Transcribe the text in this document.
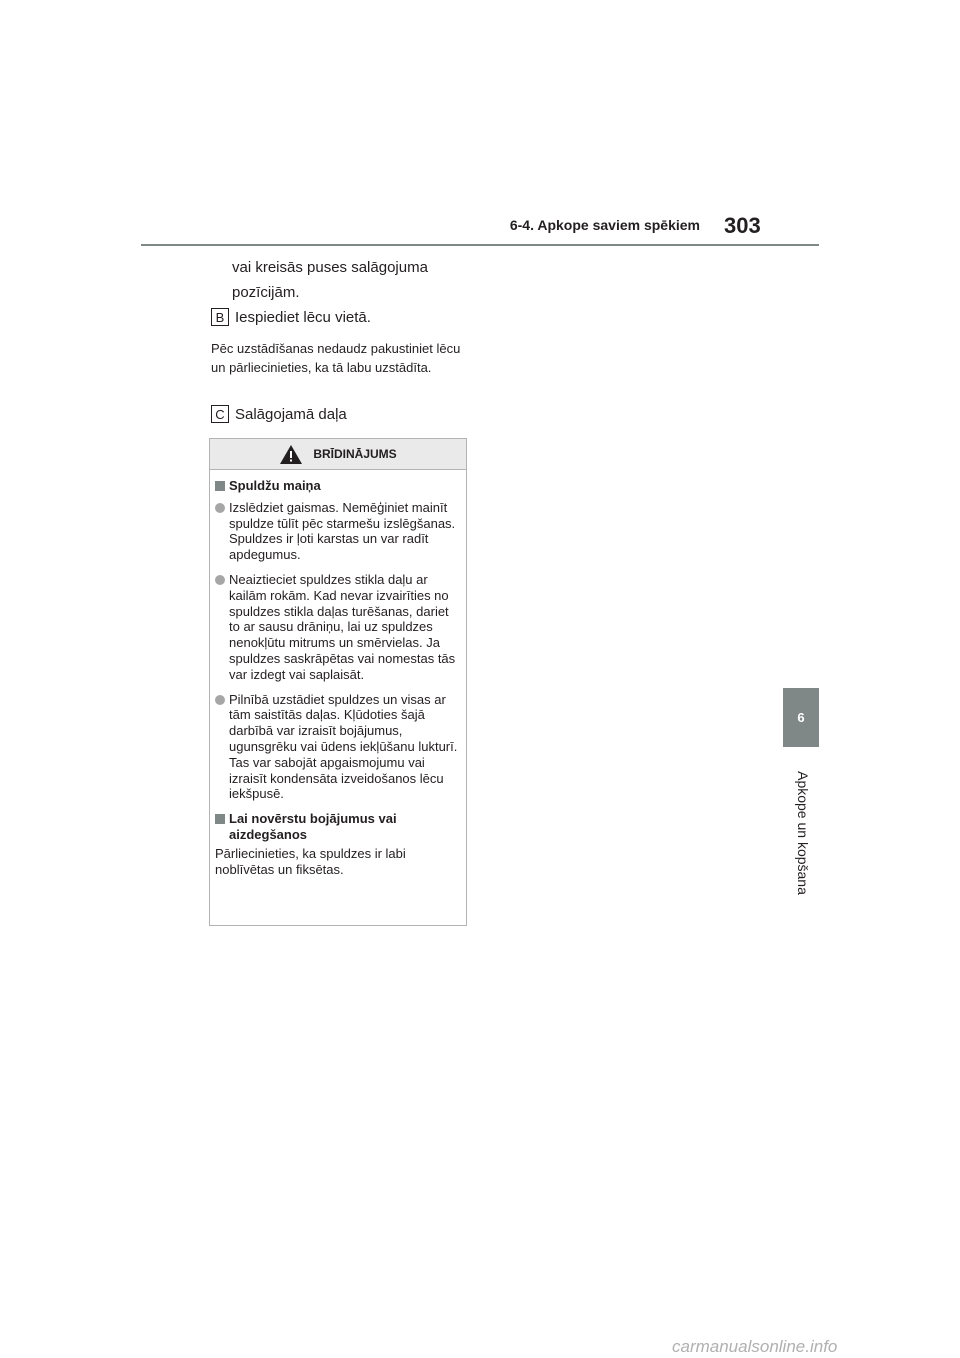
6-4. Apkope saviem spēkiem 303
6
Apkope un kopšana
vai kreisās puses salāgojuma pozīcijām.
B Iespiediet lēcu vietā.
Pēc uzstādīšanas nedaudz pakustiniet lēcu un pārliecinieties, ka tā labu uzstādīta.
C Salāgojamā daļa
BRĪDINĀJUMS
Spuldžu maiņa
Izslēdziet gaismas. Nemēģiniet mainīt spuldze tūlīt pēc starmešu izslēgšanas. Spuldzes ir ļoti karstas un var radīt apdegumus.
Neaiztieciet spuldzes stikla daļu ar kailām rokām. Kad nevar izvairīties no spuldzes stikla daļas turēšanas, dariet to ar sausu drāniņu, lai uz spuldzes nenokļūtu mitrums un smērvielas. Ja spuldzes saskrāpētas vai nomestas tās var izdegt vai saplaisāt.
Pilnībā uzstādiet spuldzes un visas ar tām saistītās daļas. Kļūdoties šajā darbībā var izraisīt bojājumus, ugunsgrēku vai ūdens iekļūšanu lukturī. Tas var sabojāt apgaismojumu vai izraisīt kondensāta izveidošanos lēcu iekšpusē.
Lai novērstu bojājumus vai aizdegšanos
Pārliecinieties, ka spuldzes ir labi noblīvētas un fiksētas.
carmanualsonline.info
